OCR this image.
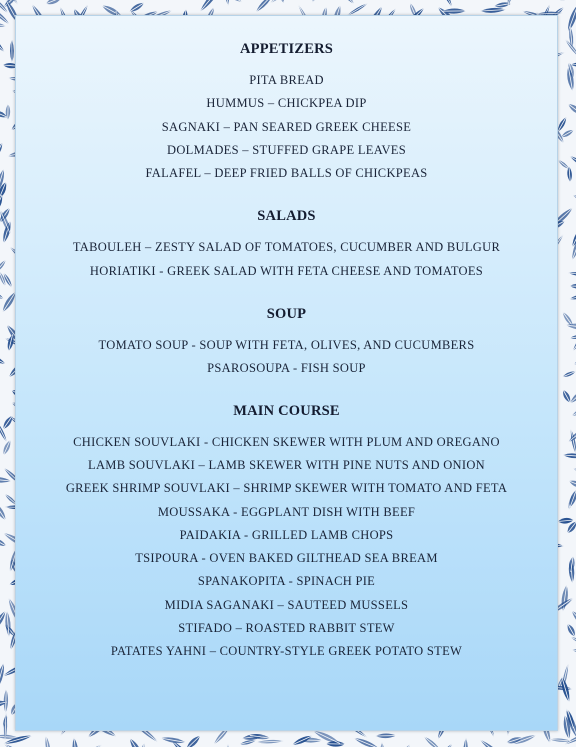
APPETIZERS
PITA BREAD
HUMMUS – CHICKPEA DIP
SAGNAKI – PAN SEARED GREEK CHEESE
DOLMADES – STUFFED GRAPE LEAVES
FALAFEL – DEEP FRIED BALLS OF CHICKPEAS
SALADS
TABOULEH – ZESTY SALAD OF TOMATOES, CUCUMBER AND BULGUR
HORIATIKI - GREEK SALAD WITH FETA CHEESE AND TOMATOES
SOUP
TOMATO SOUP - SOUP WITH FETA, OLIVES, AND CUCUMBERS
PSAROSOUPA - FISH SOUP
MAIN COURSE
CHICKEN SOUVLAKI - CHICKEN SKEWER WITH PLUM AND OREGANO
LAMB SOUVLAKI – LAMB SKEWER WITH PINE NUTS AND ONION
GREEK SHRIMP SOUVLAKI – SHRIMP SKEWER WITH TOMATO AND FETA
MOUSSAKA - EGGPLANT DISH WITH BEEF
PAIDAKIA - GRILLED LAMB CHOPS
TSIPOURA - OVEN BAKED GILTHEAD SEA BREAM
SPANAKOPITA - SPINACH PIE
MIDIA SAGANAKI – SAUTEED MUSSELS
STIFADO – ROASTED RABBIT STEW
PATATES YAHNI – COUNTRY-STYLE GREEK POTATO STEW
